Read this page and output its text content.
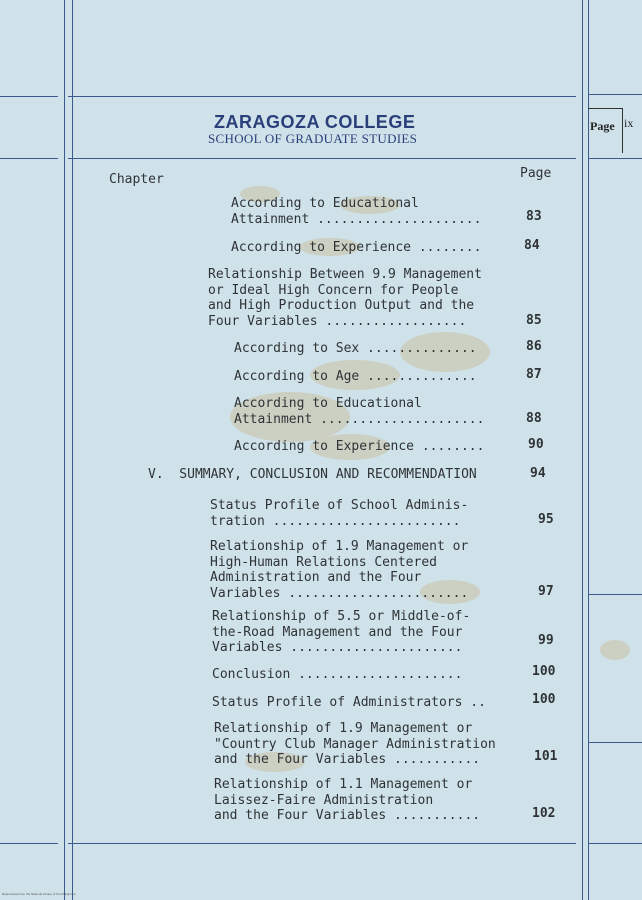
ZARAGOZA COLLEGE
SCHOOL OF GRADUATE STUDIES
Page ix
Chapter	Page
According to Educational
Attainment .....................	83
According to Experience ........	84
Relationship Between 9.9 Management
or Ideal High Concern for People
and High Production Output and the
Four Variables ..................	85
According to Sex ..............	86
According to Age ..............	87
According to Educational
Attainment .....................	88
According to Experience ........	90
V.  SUMMARY, CONCLUSION AND RECOMMENDATION	94
Status Profile of School Adminis-
tration ........................	95
Relationship of 1.9 Management or
High-Human Relations Centered
Administration and the Four
Variables .......................	97
Relationship of 5.5 or Middle-of-
the-Road Management and the Four
Variables ......................	99
Conclusion .....................	100
Status Profile of Administrators ..	100
Relationship of 1.9 Management or
"Country Club Manager Administration
and the Four Variables ...........	101
Relationship of 1.1 Management or
Laissez-Faire Administration
and the Four Variables ...........	102
Reproduced from the National Library of the Philippines
